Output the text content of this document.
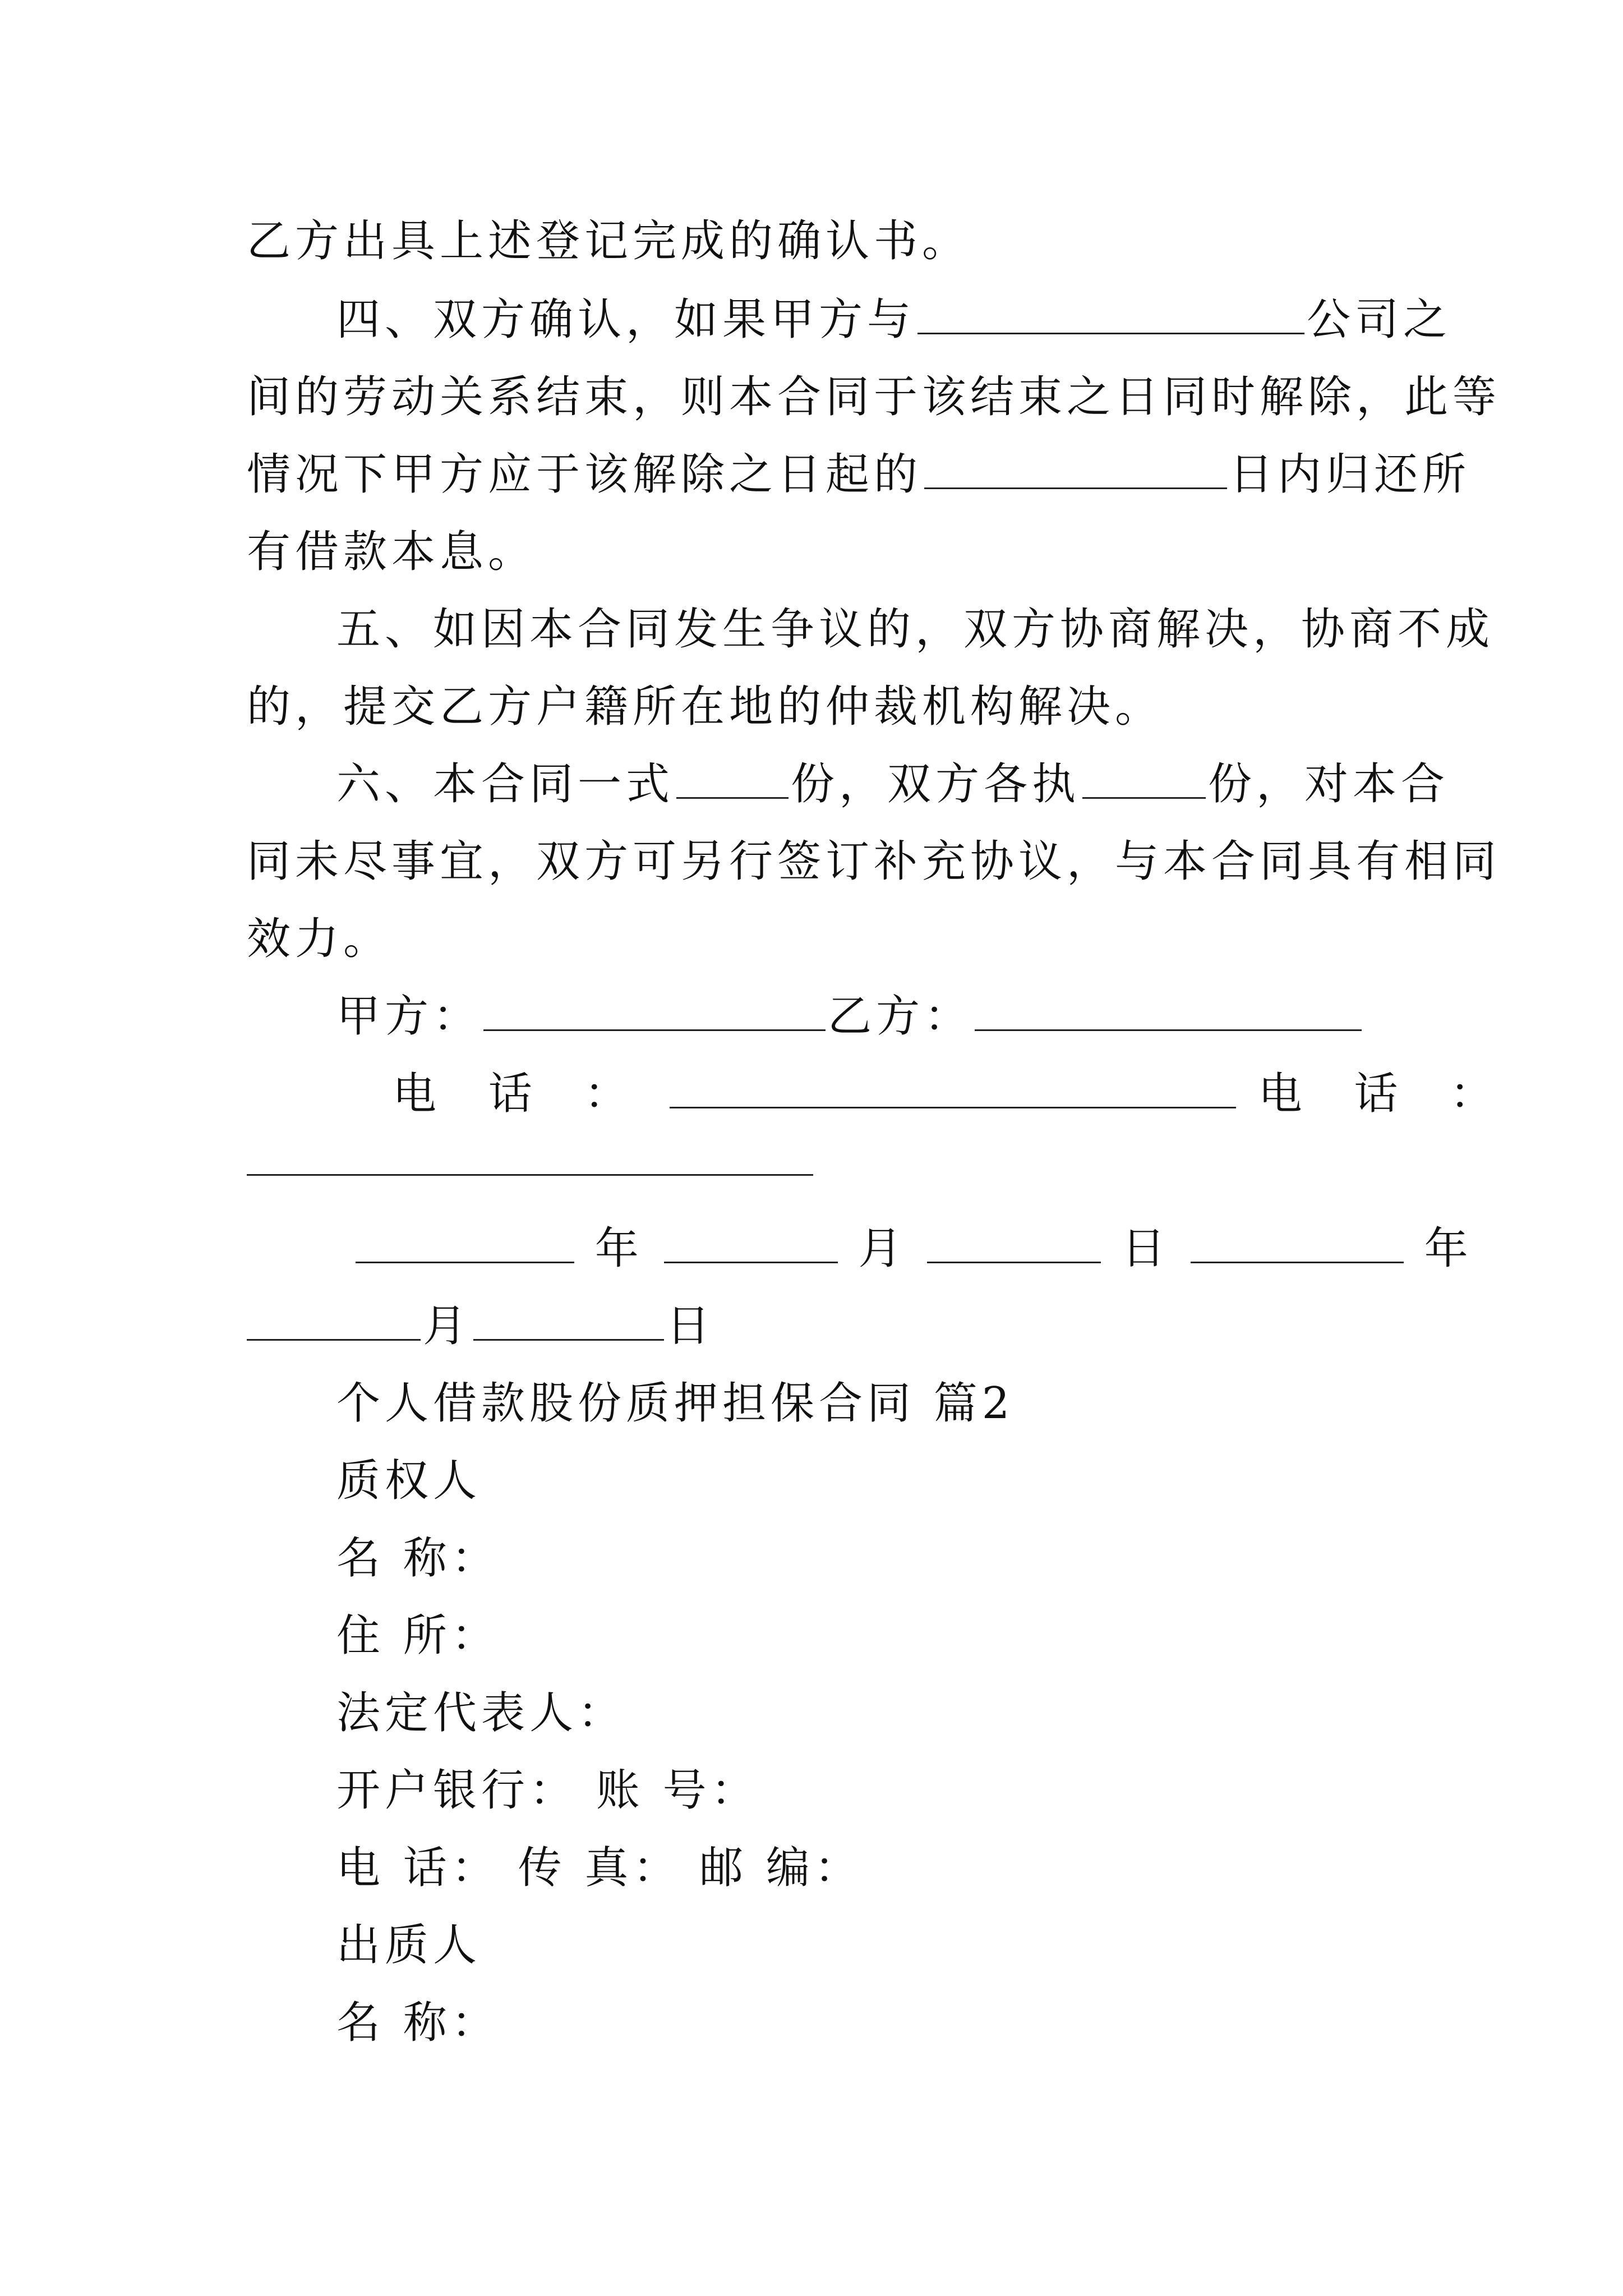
乙方出具上述登记完成的确认书。
四、双方确认，如果甲方与	公司之
间的劳动关系结束，则本合同于该结束之日同时解除，此等
情况下甲方应于该解除之日起的	日内归还所
有借款本息。
五、如因本合同发生争议的，双方协商解决，协商不成
的，提交乙方户籍所在地的仲裁机构解决。
六、本合同一式	份，双方各执	份，对本合
同未尽事宜，双方可另行签订补充协议，与本合同具有相同
效力。
甲方：	乙方：
电 话 ：	电 话 ：
年	月	日	年
月	日
个人借款股份质押担保合同 篇2
质权人
名 称：
住 所：
法定代表人：
开户银行： 账 号：
电 话： 传 真： 邮 编：
出质人
名 称：
